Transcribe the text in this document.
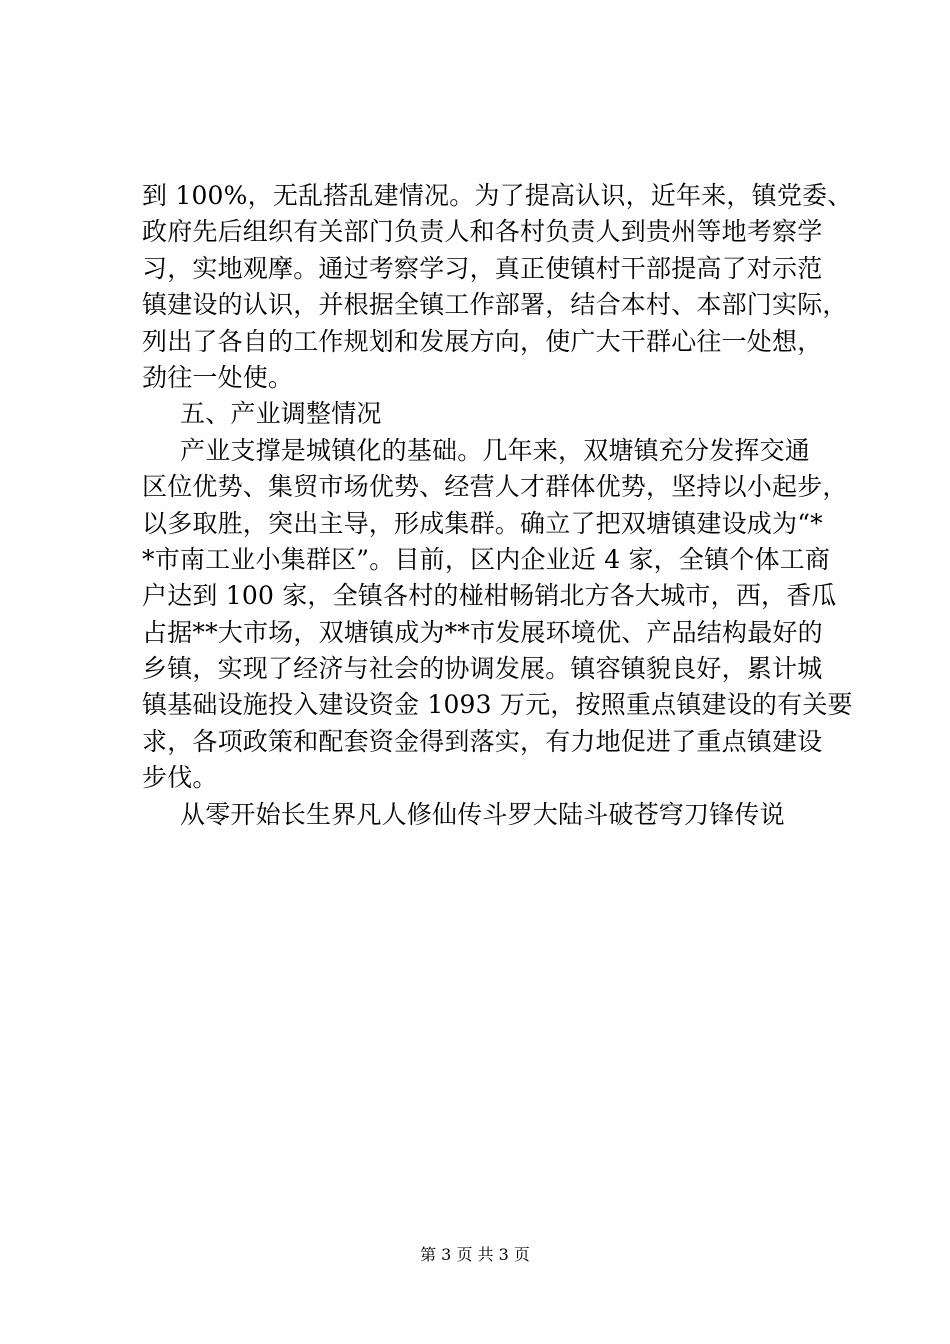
到 100%，无乱搭乱建情况。为了提高认识，近年来，镇党委、
政府先后组织有关部门负责人和各村负责人到贵州等地考察学
习，实地观摩。通过考察学习，真正使镇村干部提高了对示范
镇建设的认识，并根据全镇工作部署，结合本村、本部门实际，
列出了各自的工作规划和发展方向，使广大干群心往一处想，
劲往一处使。
五、产业调整情况
产业支撑是城镇化的基础。几年来，双塘镇充分发挥交通
区位优势、集贸市场优势、经营人才群体优势，坚持以小起步，
以多取胜，突出主导，形成集群。确立了把双塘镇建设成为“*
*市南工业小集群区”。目前，区内企业近 4 家，全镇个体工商
户达到 100 家，全镇各村的椪柑畅销北方各大城市，西，香瓜
占据**大市场，双塘镇成为**市发展环境优、产品结构最好的
乡镇，实现了经济与社会的协调发展。镇容镇貌良好，累计城
镇基础设施投入建设资金 1093 万元，按照重点镇建设的有关要
求，各项政策和配套资金得到落实，有力地促进了重点镇建设
步伐。
从零开始长生界凡人修仙传斗罗大陆斗破苍穹刀锋传说
第 3 页 共 3 页
